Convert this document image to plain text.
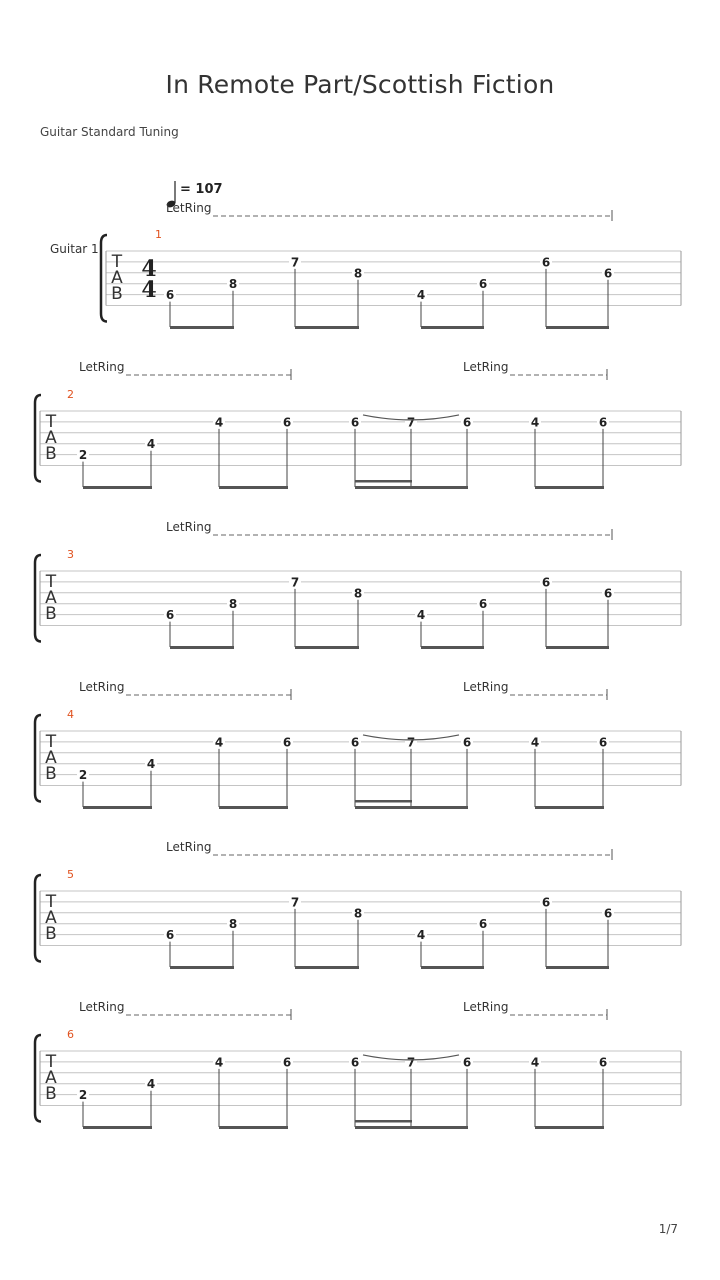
In Remote Part/Scottish Fiction
Guitar Standard Tuning
1/7
T
A
B
1
Guitar 1
4
4
= 107
LetRing
6
8
7
8
4
6
6
6
T
A
B
2
LetRing	LetRing
2
4
4	6	6	7	6	4	6
T
A
B
3
LetRing
6
8
7
8
4
6
6
6
T
A
B
4
LetRing	LetRing
2
4
4	6	6	7	6	4	6
T
A
B
5
LetRing
6
8
7
8
4
6
6
6
T
A
B
6
LetRing	LetRing
2
4
4	6	6	7	6	4	6
